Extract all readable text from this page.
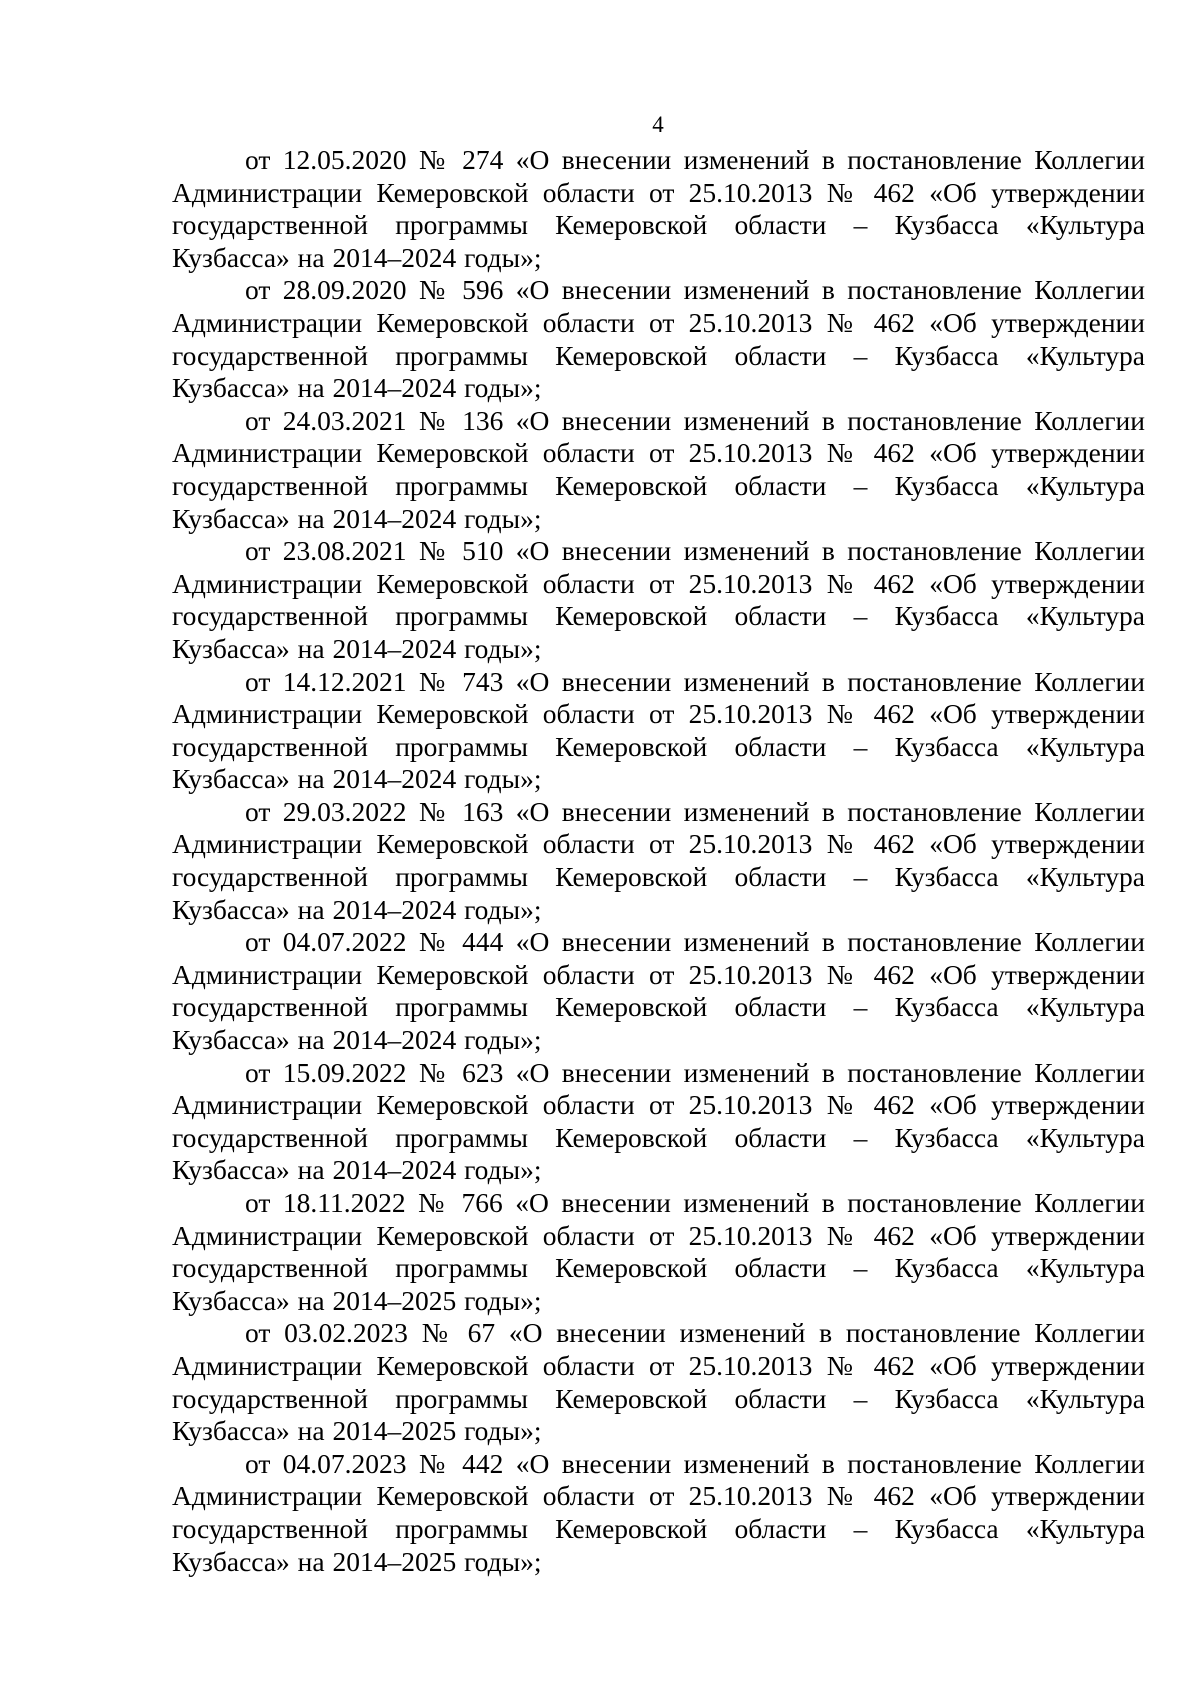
4

от 12.05.2020 № 274 «О внесении изменений в постановление Коллегии Администрации Кемеровской области от 25.10.2013 № 462 «Об утверждении государственной программы Кемеровской области – Кузбасса «Культура Кузбасса» на 2014–2024 годы»;

от 28.09.2020 № 596 «О внесении изменений в постановление Коллегии Администрации Кемеровской области от 25.10.2013 № 462 «Об утверждении государственной программы Кемеровской области – Кузбасса «Культура Кузбасса» на 2014–2024 годы»;

от 24.03.2021 № 136 «О внесении изменений в постановление Коллегии Администрации Кемеровской области от 25.10.2013 № 462 «Об утверждении государственной программы Кемеровской области – Кузбасса «Культура Кузбасса» на 2014–2024 годы»;

от 23.08.2021 № 510 «О внесении изменений в постановление Коллегии Администрации Кемеровской области от 25.10.2013 № 462 «Об утверждении государственной программы Кемеровской области – Кузбасса «Культура Кузбасса» на 2014–2024 годы»;

от 14.12.2021 № 743 «О внесении изменений в постановление Коллегии Администрации Кемеровской области от 25.10.2013 № 462 «Об утверждении государственной программы Кемеровской области – Кузбасса «Культура Кузбасса» на 2014–2024 годы»;

от 29.03.2022 № 163 «О внесении изменений в постановление Коллегии Администрации Кемеровской области от 25.10.2013 № 462 «Об утверждении государственной программы Кемеровской области – Кузбасса «Культура Кузбасса» на 2014–2024 годы»;

от 04.07.2022 № 444 «О внесении изменений в постановление Коллегии Администрации Кемеровской области от 25.10.2013 № 462 «Об утверждении государственной программы Кемеровской области – Кузбасса «Культура Кузбасса» на 2014–2024 годы»;

от 15.09.2022 № 623 «О внесении изменений в постановление Коллегии Администрации Кемеровской области от 25.10.2013 № 462 «Об утверждении государственной программы Кемеровской области – Кузбасса «Культура Кузбасса» на 2014–2024 годы»;

от 18.11.2022 № 766 «О внесении изменений в постановление Коллегии Администрации Кемеровской области от 25.10.2013 № 462 «Об утверждении государственной программы Кемеровской области – Кузбасса «Культура Кузбасса» на 2014–2025 годы»;

от 03.02.2023 № 67 «О внесении изменений в постановление Коллегии Администрации Кемеровской области от 25.10.2013 № 462 «Об утверждении государственной программы Кемеровской области – Кузбасса «Культура Кузбасса» на 2014–2025 годы»;

от 04.07.2023 № 442 «О внесении изменений в постановление Коллегии Администрации Кемеровской области от 25.10.2013 № 462 «Об утверждении государственной программы Кемеровской области – Кузбасса «Культура Кузбасса» на 2014–2025 годы»;
